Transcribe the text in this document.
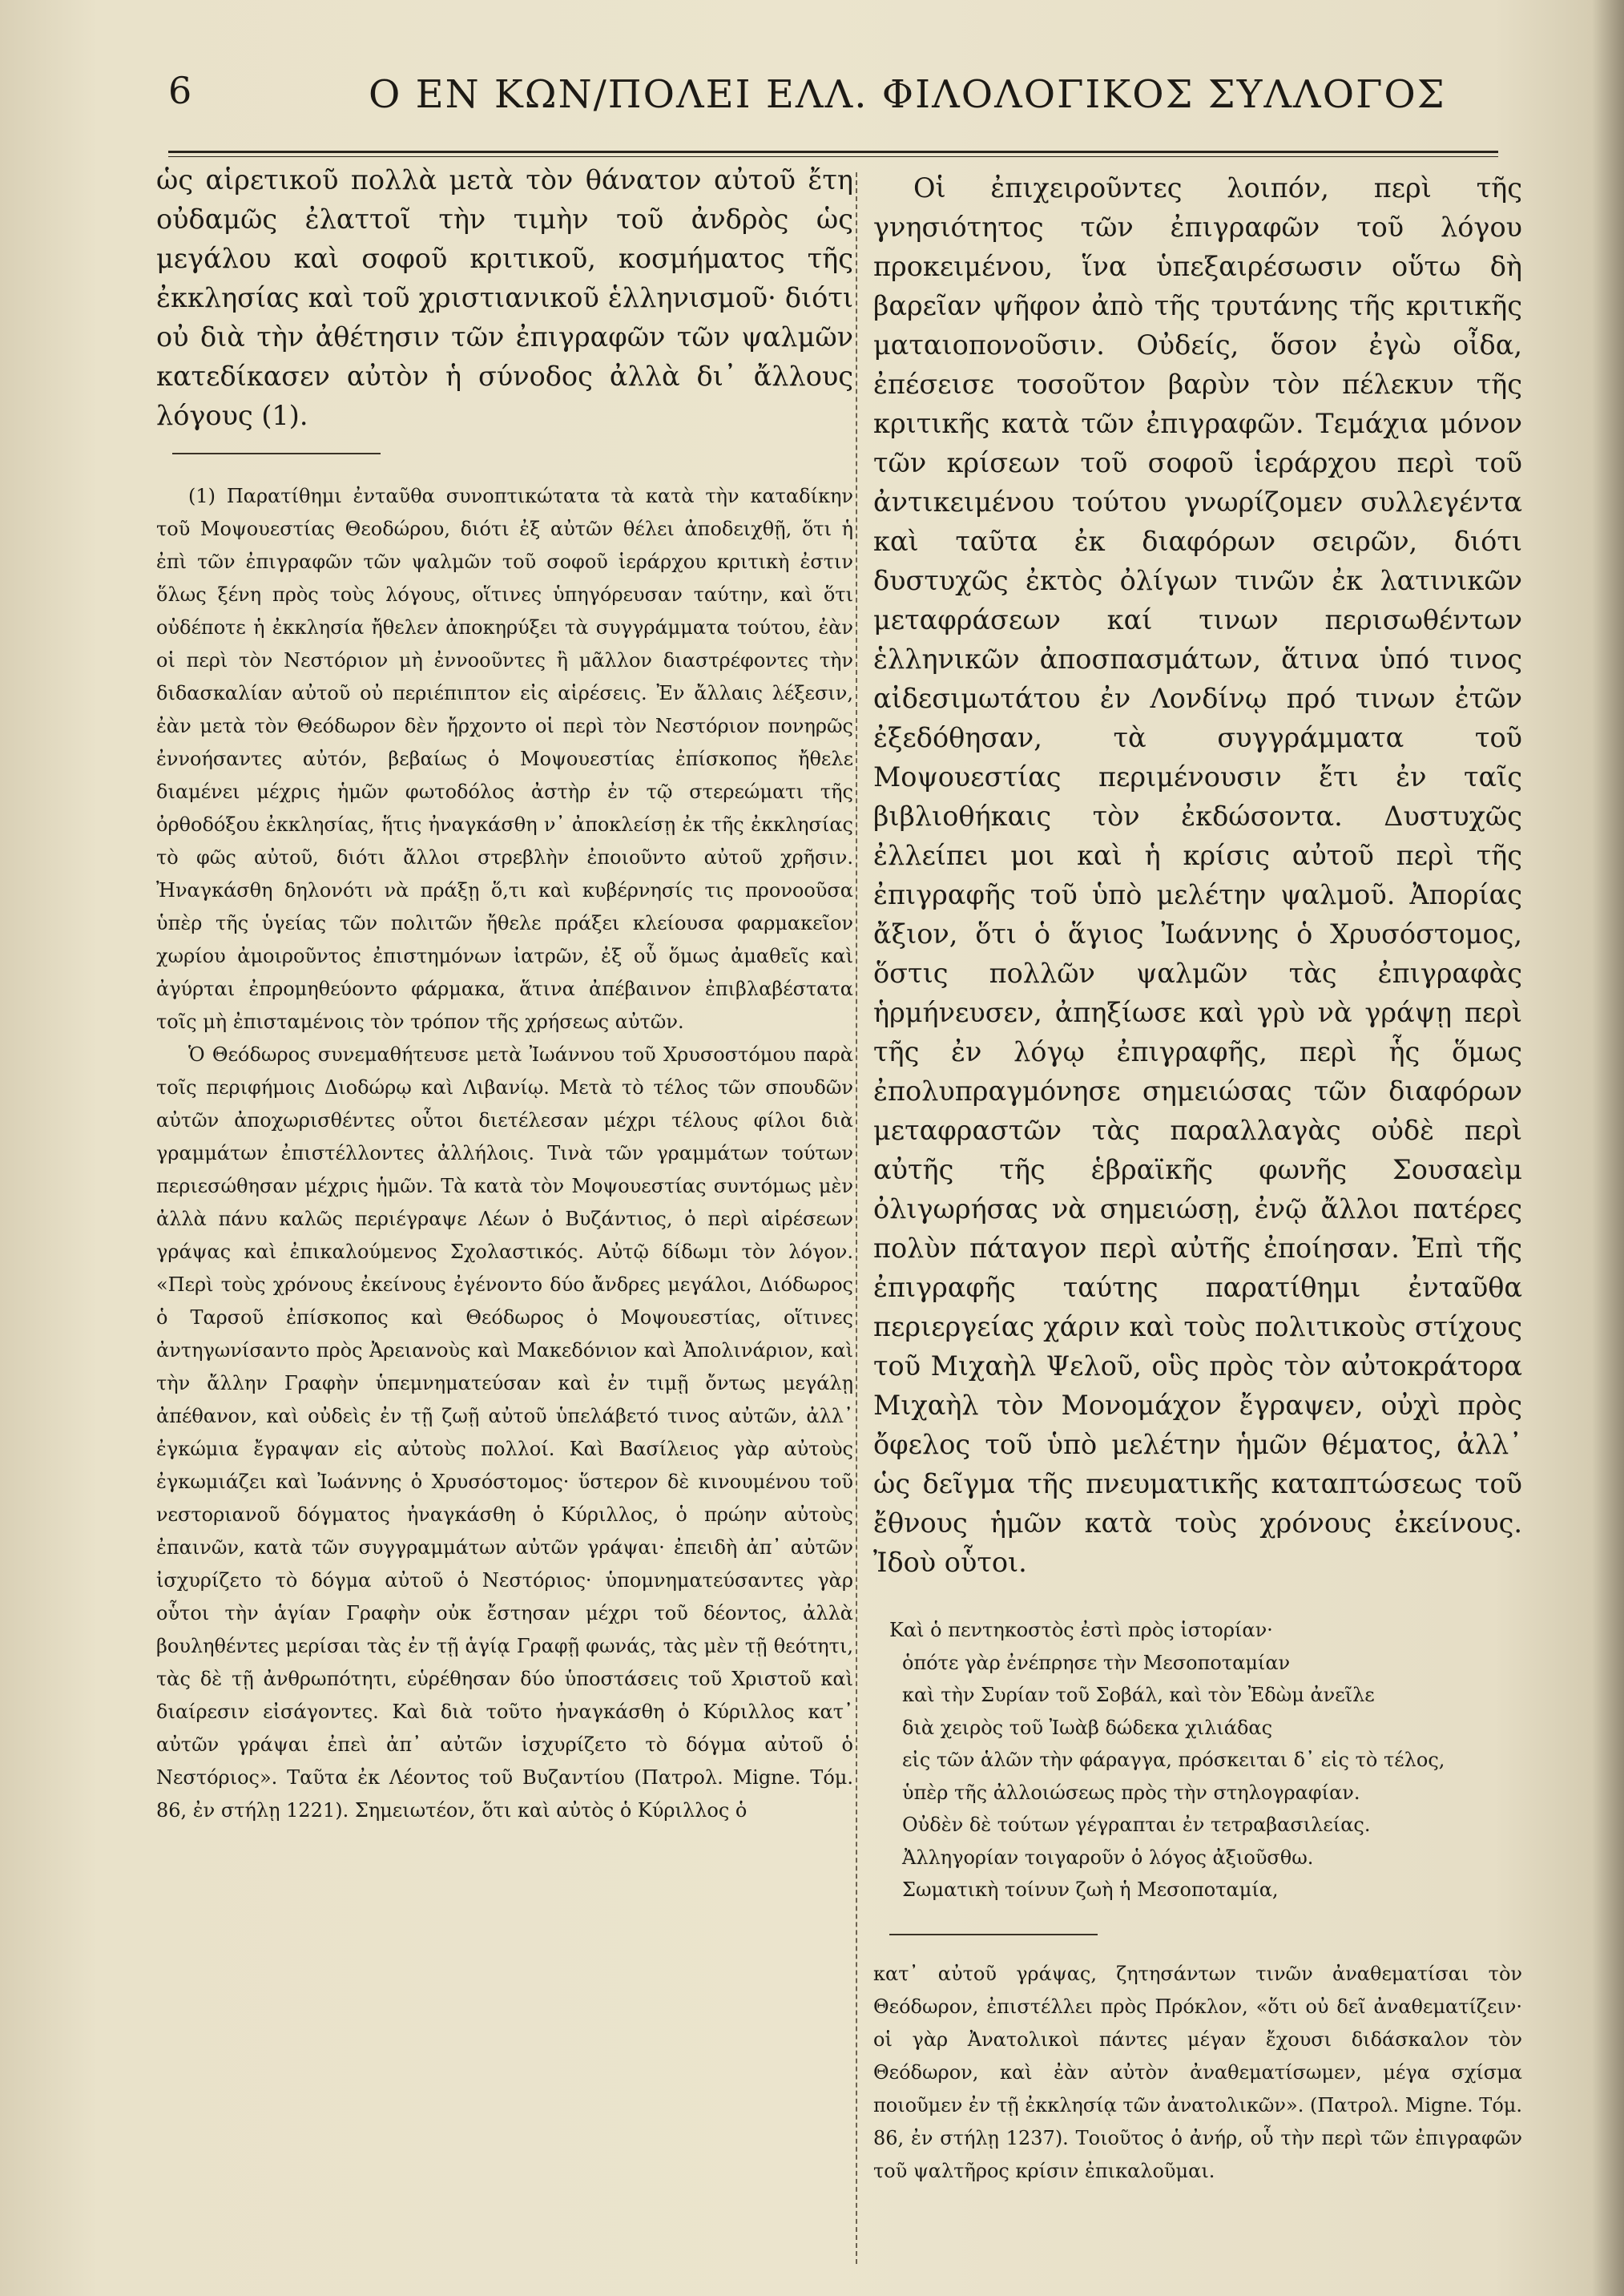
6	Ο ΕΝ ΚΩΝ/ΠΟΛΕΙ ΕΛΛ. ΦΙΛΟΛΟΓΙΚΟΣ ΣΥΛΛΟΓΟΣ

ὡς αἱρετικοῦ πολλὰ μετὰ τὸν θάνατον αὐτοῦ ἔτη οὐδαμῶς ἐλαττοῖ τὴν τιμὴν τοῦ ἀνδρὸς ὡς μεγάλου καὶ σοφοῦ κριτικοῦ, κοσμήματος τῆς ἐκκλησίας καὶ τοῦ χριστιανικοῦ ἑλληνισμοῦ· διότι οὐ διὰ τὴν ἀθέτησιν τῶν ἐπιγραφῶν τῶν ψαλμῶν κατεδίκασεν αὐτὸν ἡ σύνοδος ἀλλὰ δι᾽ ἄλλους λόγους (1).

(1) Παρατίθημι ἐνταῦθα συνοπτικώτατα τὰ κατὰ τὴν καταδίκην τοῦ Μοψουεστίας Θεοδώρου, διότι ἐξ αὐτῶν θέλει ἀποδειχθῇ, ὅτι ἡ ἐπὶ τῶν ἐπιγραφῶν τῶν ψαλμῶν τοῦ σοφοῦ ἱεράρχου κριτικὴ ἐστιν ὅλως ξένη πρὸς τοὺς λόγους, οἵτινες ὑπηγόρευσαν ταύτην, καὶ ὅτι οὐδέποτε ἡ ἐκκλησία ἤθελεν ἀποκηρύξει τὰ συγγράμματα τούτου, ἐὰν οἱ περὶ τὸν Νεστόριον μὴ ἐννοοῦντες ἢ μᾶλλον διαστρέφοντες τὴν διδασκαλίαν αὐτοῦ οὐ περιέπιπτον εἰς αἱρέσεις. Ἐν ἄλλαις λέξεσιν, ἐὰν μετὰ τὸν Θεόδωρον δὲν ἤρχοντο οἱ περὶ τὸν Νεστόριον πονηρῶς ἐννοήσαντες αὐτόν, βεβαίως ὁ Μοψουεστίας ἐπίσκοπος ἤθελε διαμένει μέχρις ἡμῶν φωτοδόλος ἀστὴρ ἐν τῷ στερεώματι τῆς ὀρθοδόξου ἐκκλησίας, ἥτις ἠναγκάσθη ν᾽ ἀποκλείσῃ ἐκ τῆς ἐκκλησίας τὸ φῶς αὐτοῦ, διότι ἄλλοι στρεβλὴν ἐποιοῦντο αὐτοῦ χρῆσιν. Ἠναγκάσθη δηλονότι νὰ πράξῃ ὅ,τι καὶ κυβέρνησίς τις προνοοῦσα ὑπὲρ τῆς ὑγείας τῶν πολιτῶν ἤθελε πράξει κλείουσα φαρμακεῖον χωρίου ἀμοιροῦντος ἐπιστημόνων ἰατρῶν, ἐξ οὗ ὅμως ἀμαθεῖς καὶ ἀγύρται ἐπρομηθεύοντο φάρμακα, ἅτινα ἀπέβαινον ἐπιβλαβέστατα τοῖς μὴ ἐπισταμένοις τὸν τρόπον τῆς χρήσεως αὐτῶν.

Ὁ Θεόδωρος συνεμαθήτευσε μετὰ Ἰωάννου τοῦ Χρυσοστόμου παρὰ τοῖς περιφήμοις Διοδώρῳ καὶ Λιβανίῳ. Μετὰ τὸ τέλος τῶν σπουδῶν αὐτῶν ἀποχωρισθέντες οὗτοι διετέλεσαν μέχρι τέλους φίλοι διὰ γραμμάτων ἐπιστέλλοντες ἀλλήλοις. Τινὰ τῶν γραμμάτων τούτων περιεσώθησαν μέχρις ἡμῶν. Τὰ κατὰ τὸν Μοψουεστίας συντόμως μὲν ἀλλὰ πάνυ καλῶς περιέγραψε Λέων ὁ Βυζάντιος, ὁ περὶ αἱρέσεων γράψας καὶ ἐπικαλούμενος Σχολαστικός. Αὐτῷ δίδωμι τὸν λόγον. «Περὶ τοὺς χρόνους ἐκείνους ἐγένοντο δύο ἄνδρες μεγάλοι, Διόδωρος ὁ Ταρσοῦ ἐπίσκοπος καὶ Θεόδωρος ὁ Μοψουεστίας, οἵτινες ἀντηγωνίσαντο πρὸς Ἀρειανοὺς καὶ Μακεδόνιον καὶ Ἀπολινάριον, καὶ τὴν ἄλλην Γραφὴν ὑπεμνηματεύσαν καὶ ἐν τιμῇ ὄντως μεγάλῃ ἀπέθανον, καὶ οὐδεὶς ἐν τῇ ζωῇ αὐτοῦ ὑπελάβετό τινος αὐτῶν, ἀλλ᾽ ἐγκώμια ἔγραψαν εἰς αὐτοὺς πολλοί. Καὶ Βασίλειος γὰρ αὐτοὺς ἐγκωμιάζει καὶ Ἰωάννης ὁ Χρυσόστομος· ὕστερον δὲ κινουμένου τοῦ νεστοριανοῦ δόγματος ἠναγκάσθη ὁ Κύριλλος, ὁ πρώην αὐτοὺς ἐπαινῶν, κατὰ τῶν συγγραμμάτων αὐτῶν γράψαι· ἐπειδὴ ἀπ᾽ αὐτῶν ἰσχυρίζετο τὸ δόγμα αὐτοῦ ὁ Νεστόριος· ὑπομνηματεύσαντες γὰρ οὗτοι τὴν ἁγίαν Γραφὴν οὐκ ἔστησαν μέχρι τοῦ δέοντος, ἀλλὰ βουληθέντες μερίσαι τὰς ἐν τῇ ἁγίᾳ Γραφῇ φωνάς, τὰς μὲν τῇ θεότητι, τὰς δὲ τῇ ἀνθρωπότητι, εὑρέθησαν δύο ὑποστάσεις τοῦ Χριστοῦ καὶ διαίρεσιν εἰσάγοντες. Καὶ διὰ τοῦτο ἠναγκάσθη ὁ Κύριλλος κατ᾽ αὐτῶν γράψαι ἐπεὶ ἀπ᾽ αὐτῶν ἰσχυρίζετο τὸ δόγμα αὐτοῦ ὁ Νεστόριος». Ταῦτα ἐκ Λέοντος τοῦ Βυζαντίου (Πατρολ. Migne. Τόμ. 86, ἐν στήλῃ 1221). Σημειωτέον, ὅτι καὶ αὐτὸς ὁ Κύριλλος ὁ

Οἱ ἐπιχειροῦντες λοιπόν, περὶ τῆς γνησιότητος τῶν ἐπιγραφῶν τοῦ λόγου προκειμένου, ἵνα ὑπεξαιρέσωσιν οὕτω δὴ βαρεῖαν ψῆφον ἀπὸ τῆς τρυτάνης τῆς κριτικῆς ματαιοπονοῦσιν. Οὐδείς, ὅσον ἐγὼ οἶδα, ἐπέσεισε τοσοῦτον βαρὺν τὸν πέλεκυν τῆς κριτικῆς κατὰ τῶν ἐπιγραφῶν. Τεμάχια μόνον τῶν κρίσεων τοῦ σοφοῦ ἱεράρχου περὶ τοῦ ἀντικειμένου τούτου γνωρίζομεν συλλεγέντα καὶ ταῦτα ἐκ διαφόρων σειρῶν, διότι δυστυχῶς ἐκτὸς ὀλίγων τινῶν ἐκ λατινικῶν μεταφράσεων καί τινων περισωθέντων ἑλληνικῶν ἀποσπασμάτων, ἅτινα ὑπό τινος αἰδεσιμωτάτου ἐν Λονδίνῳ πρό τινων ἐτῶν ἐξεδόθησαν, τὰ συγγράμματα τοῦ Μοψουεστίας περιμένουσιν ἔτι ἐν ταῖς βιβλιοθήκαις τὸν ἐκδώσοντα. Δυστυχῶς ἐλλείπει μοι καὶ ἡ κρίσις αὐτοῦ περὶ τῆς ἐπιγραφῆς τοῦ ὑπὸ μελέτην ψαλμοῦ. Ἀπορίας ἄξιον, ὅτι ὁ ἅγιος Ἰωάννης ὁ Χρυσόστομος, ὅστις πολλῶν ψαλμῶν τὰς ἐπιγραφὰς ἡρμήνευσεν, ἀπηξίωσε καὶ γρὺ νὰ γράψῃ περὶ τῆς ἐν λόγῳ ἐπιγραφῆς, περὶ ἧς ὅμως ἐπολυπραγμόνησε σημειώσας τῶν διαφόρων μεταφραστῶν τὰς παραλλαγὰς οὐδὲ περὶ αὐτῆς τῆς ἑβραϊκῆς φωνῆς Σουσαεὶμ ὀλιγωρήσας νὰ σημειώσῃ, ἐνῷ ἄλλοι πατέρες πολὺν πάταγον περὶ αὐτῆς ἐποίησαν. Ἐπὶ τῆς ἐπιγραφῆς ταύτης παρατίθημι ἐνταῦθα περιεργείας χάριν καὶ τοὺς πολιτικοὺς στίχους τοῦ Μιχαὴλ Ψελοῦ, οὓς πρὸς τὸν αὐτοκράτορα Μιχαὴλ τὸν Μονομάχον ἔγραψεν, οὐχὶ πρὸς ὄφελος τοῦ ὑπὸ μελέτην ἡμῶν θέματος, ἀλλ᾽ ὡς δεῖγμα τῆς πνευματικῆς καταπτώσεως τοῦ ἔθνους ἡμῶν κατὰ τοὺς χρόνους ἐκείνους. Ἰδοὺ οὗτοι.

Καὶ ὁ πεντηκοστὸς ἐστὶ πρὸς ἱστορίαν·
ὁπότε γὰρ ἐνέπρησε τὴν Μεσοποταμίαν
καὶ τὴν Συρίαν τοῦ Σοβάλ, καὶ τὸν Ἐδὼμ ἀνεῖλε
διὰ χειρὸς τοῦ Ἰωὰβ δώδεκα χιλιάδας
εἰς τῶν ἁλῶν τὴν φάραγγα, πρόσκειται δ᾽ εἰς τὸ τέλος,
ὑπὲρ τῆς ἀλλοιώσεως πρὸς τὴν στηλογραφίαν.
Οὐδὲν δὲ τούτων γέγραπται ἐν τετραβασιλείας.
Ἀλληγορίαν τοιγαροῦν ὁ λόγος ἀξιοῦσθω.
Σωματικὴ τοίνυν ζωὴ ἡ Μεσοποταμία,

κατ᾽ αὐτοῦ γράψας, ζητησάντων τινῶν ἀναθεματίσαι τὸν Θεόδωρον, ἐπιστέλλει πρὸς Πρόκλον, «ὅτι οὐ δεῖ ἀναθεματίζειν· οἱ γὰρ Ἀνατολικοὶ πάντες μέγαν ἔχουσι διδάσκαλον τὸν Θεόδωρον, καὶ ἐὰν αὐτὸν ἀναθεματίσωμεν, μέγα σχίσμα ποιοῦμεν ἐν τῇ ἐκκλησίᾳ τῶν ἀνατολικῶν». (Πατρολ. Migne. Τόμ. 86, ἐν στήλῃ 1237). Τοιοῦτος ὁ ἀνήρ, οὗ τὴν περὶ τῶν ἐπιγραφῶν τοῦ ψαλτῆρος κρίσιν ἐπικαλοῦμαι.
